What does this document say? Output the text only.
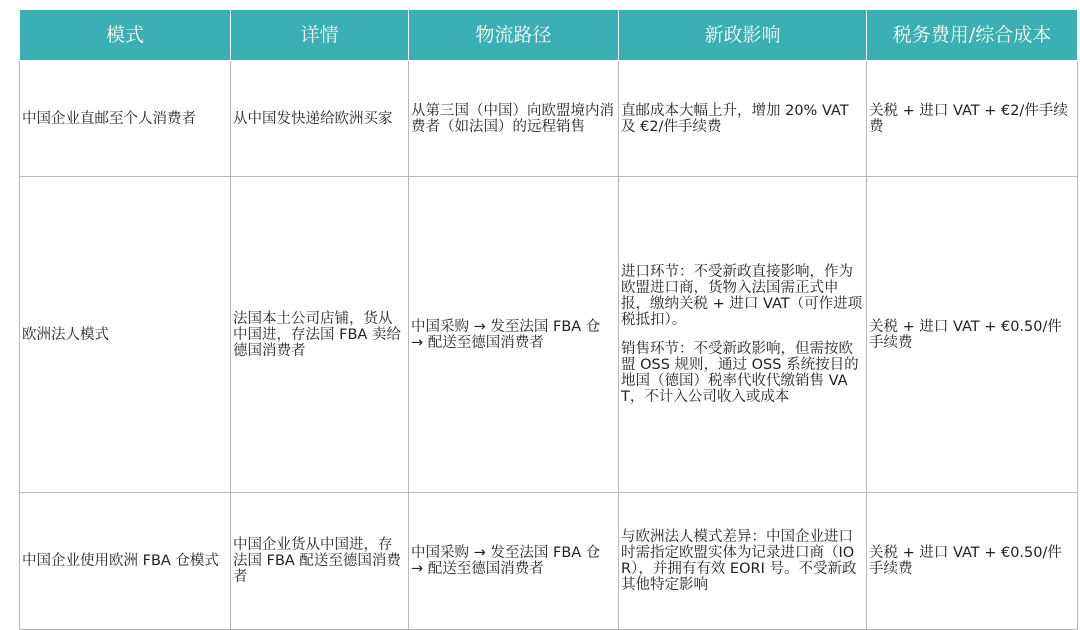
模式	详情	物流路径	新政影响	税务费用/综合成本
中国企业直邮至个人消费者	从中国发快递给欧洲买家	从第三国（中国）向欧盟境内消费者（如法国）的远程销售	直邮成本大幅上升，增加 20% VAT 及 €2/件手续费	关税 + 进口 VAT + €2/件手续费
欧洲法人模式	法国本土公司店铺，货从中国进，存法国 FBA 卖给德国消费者	中国采购 → 发至法国 FBA 仓 → 配送至德国消费者	进口环节：不受新政直接影响，作为欧盟进口商，货物入法国需正式申报，缴纳关税 + 进口 VAT（可作进项税抵扣）。

销售环节：不受新政影响，但需按欧盟 OSS 规则，通过 OSS 系统按目的地国（德国）税率代收代缴销售 VAT，不计入公司收入或成本	关税 + 进口 VAT + €0.50/件手续费
中国企业使用欧洲 FBA 仓模式	中国企业货从中国进，存法国 FBA 配送至德国消费者	中国采购 → 发至法国 FBA 仓 → 配送至德国消费者	与欧洲法人模式差异：中国企业进口时需指定欧盟实体为记录进口商（IOR），并拥有有效 EORI 号。不受新政其他特定影响	关税 + 进口 VAT + €0.50/件手续费
